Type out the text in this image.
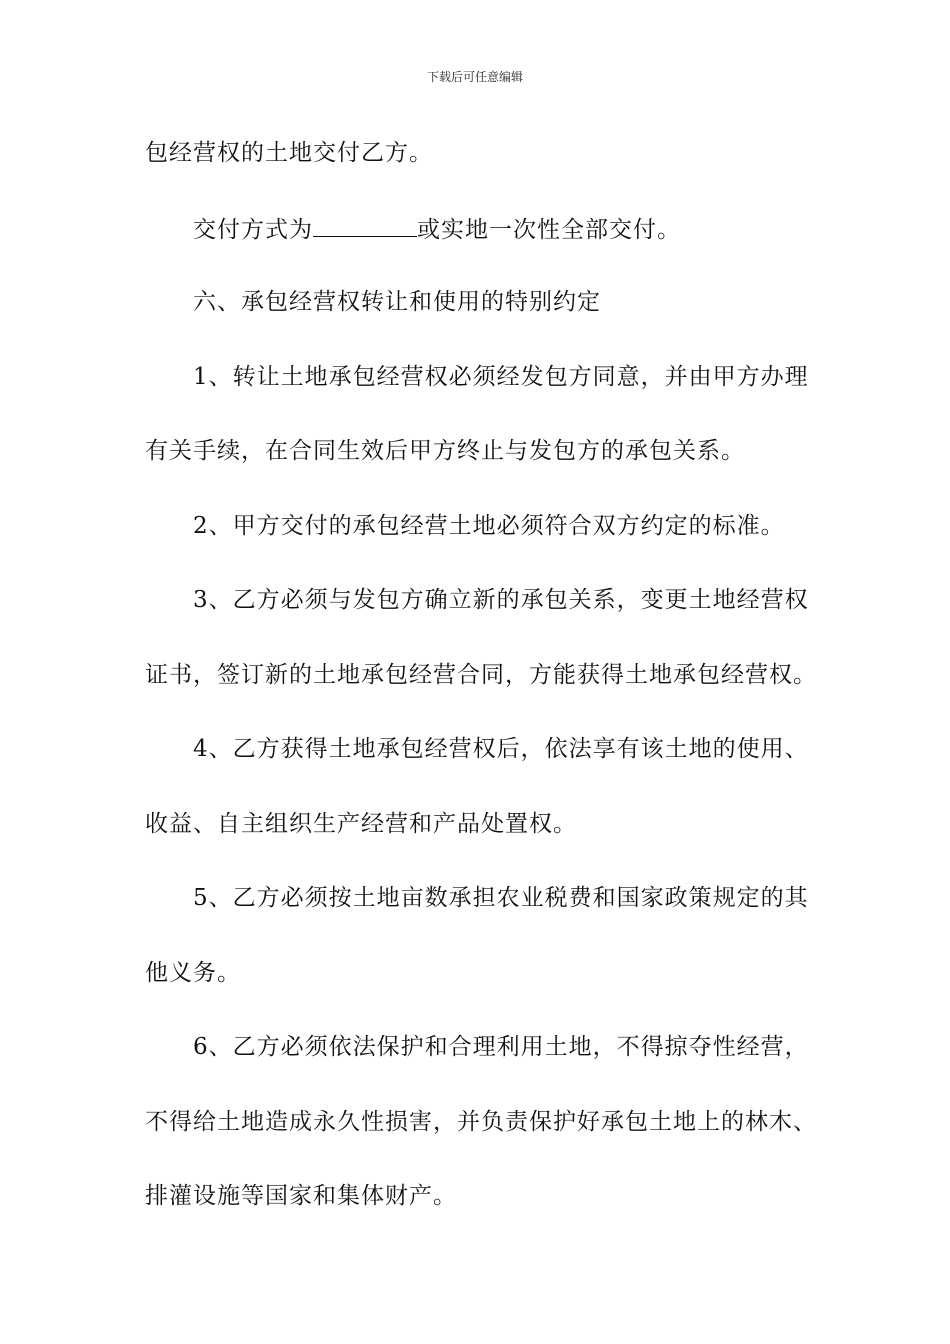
下载后可任意编辑
包经营权的土地交付乙方。
交付方式为	或实地一次性全部交付。
六、承包经营权转让和使用的特别约定
1、转让土地承包经营权必须经发包方同意，并由甲方办理
有关手续，在合同生效后甲方终止与发包方的承包关系。
2、甲方交付的承包经营土地必须符合双方约定的标准。
3、乙方必须与发包方确立新的承包关系，变更土地经营权
证书，签订新的土地承包经营合同，方能获得土地承包经营权。
4、乙方获得土地承包经营权后，依法享有该土地的使用、
收益、自主组织生产经营和产品处置权。
5、乙方必须按土地亩数承担农业税费和国家政策规定的其
他义务。
6、乙方必须依法保护和合理利用土地，不得掠夺性经营，
不得给土地造成永久性损害，并负责保护好承包土地上的林木、
排灌设施等国家和集体财产。
